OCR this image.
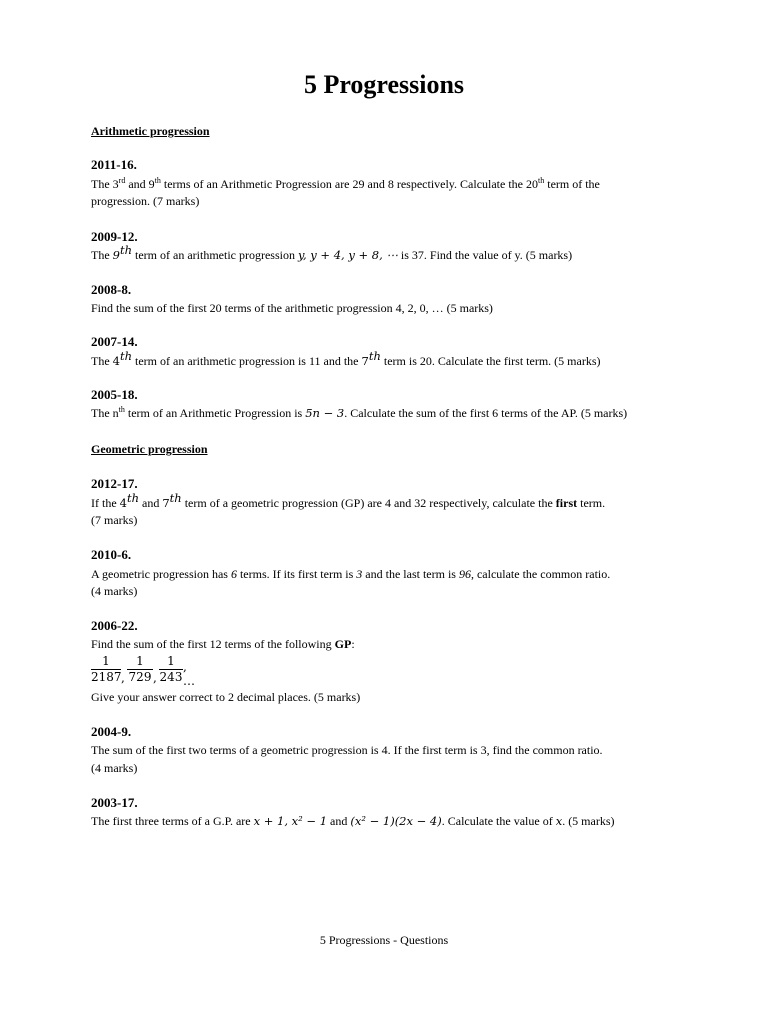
5 Progressions
Arithmetic progression
2011-16.
The 3rd and 9th terms of an Arithmetic Progression are 29 and 8 respectively. Calculate the 20th term of the
progression. (7 marks)
2009-12.
The 9th term of an arithmetic progression y, y + 4, y + 8, ⋯ is 37. Find the value of y. (5 marks)
2008-8.
Find the sum of the first 20 terms of the arithmetic progression 4, 2, 0, … (5 marks)
2007-14.
The 4th term of an arithmetic progression is 11 and the 7th term is 20. Calculate the first term. (5 marks)
2005-18.
The $n^{th}$ term of an Arithmetic Progression is 5n − 3. Calculate the sum of the first 6 terms of the AP. (5 marks)
Geometric progression
2012-17.
If the 4th and 7th term of a geometric progression (GP) are 4 and 32 respectively, calculate the first term.
(7 marks)
2010-6.
A geometric progression has 6 terms. If its first term is 3 and the last term is 96, calculate the common ratio.
(4 marks)
2006-22.
Find the sum of the first 12 terms of the following GP:
1
2187 ,
1
729 ,
1
243
, …
Give your answer correct to 2 decimal places. (5 marks)
2004-9.
The sum of the first two terms of a geometric progression is 4. If the first term is 3, find the common ratio.
(4 marks)
2003-17.
The first three terms of a G.P. are x + 1, x² − 1 and (x² − 1)(2x − 4). Calculate the value of x. (5 marks)
5 Progressions - Questions
